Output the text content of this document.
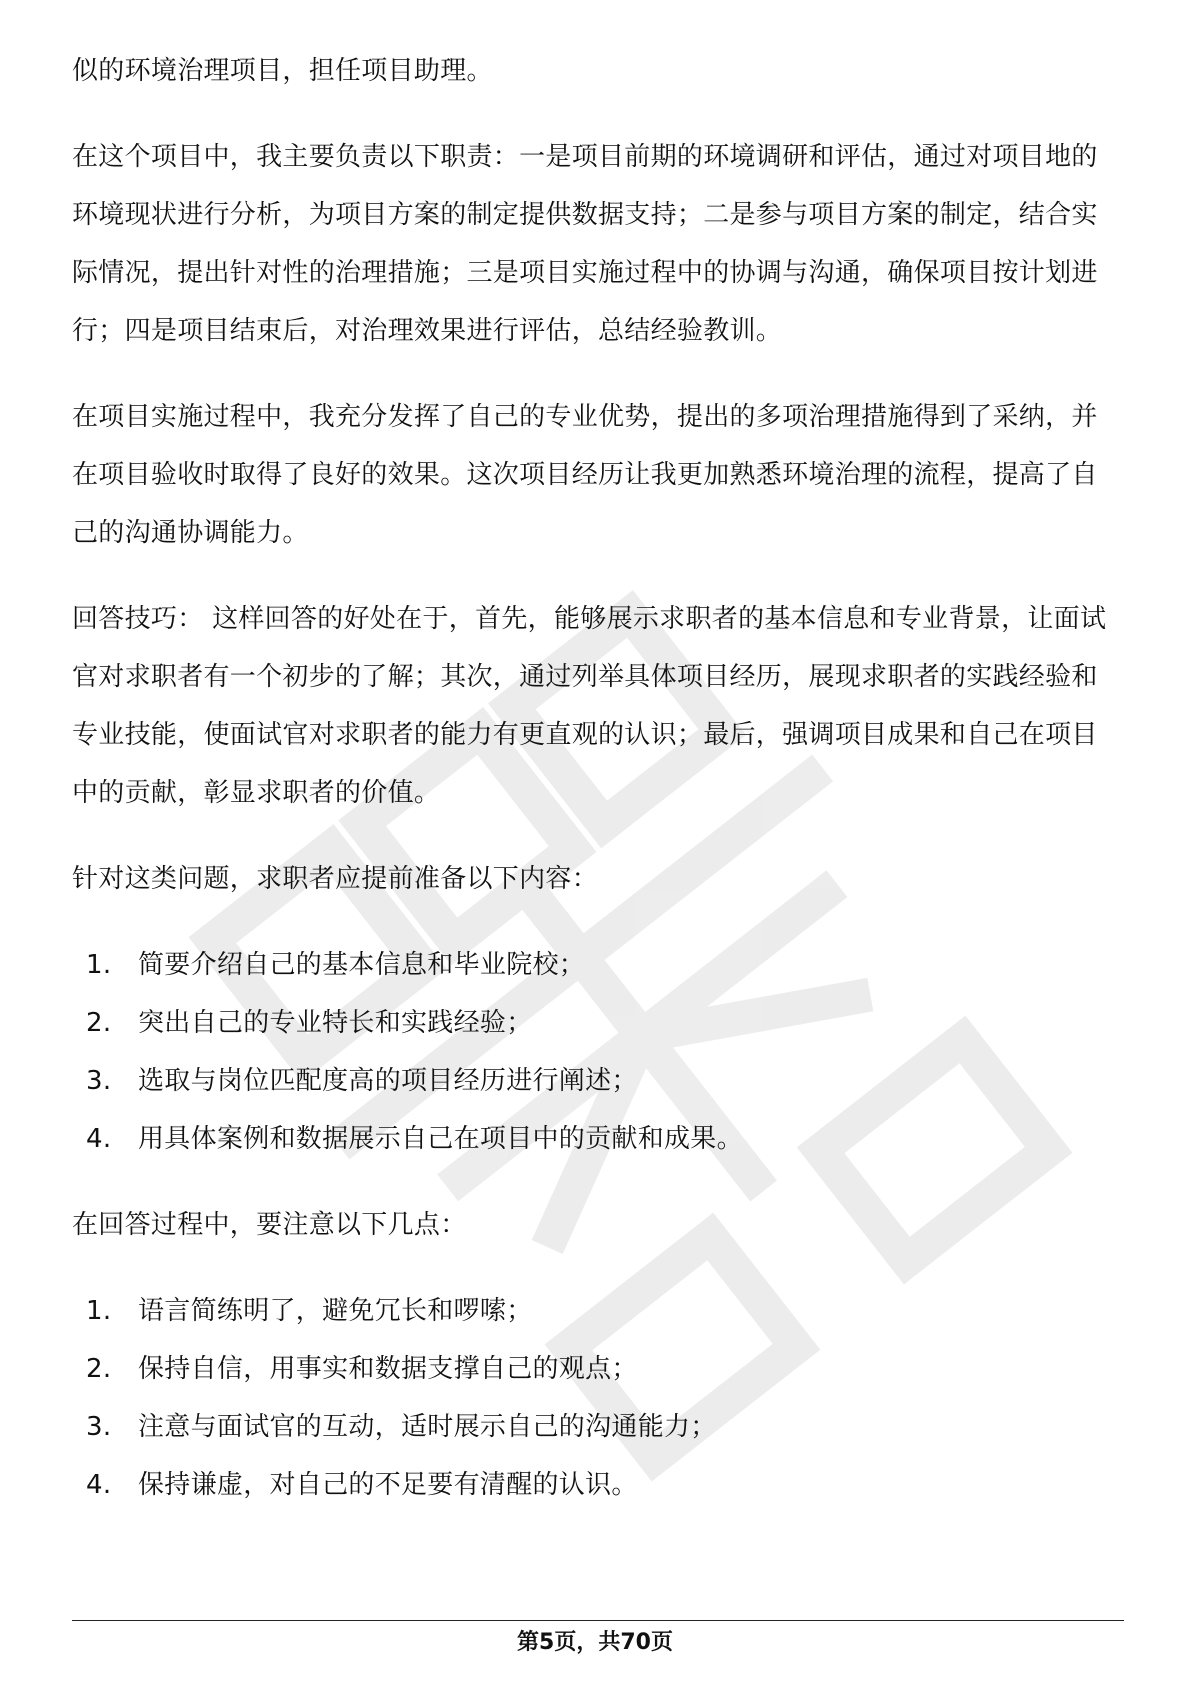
似的环境治理项目，担任项目助理。

在这个项目中，我主要负责以下职责：一是项目前期的环境调研和评估，通过对项目地的环境现状进行分析，为项目方案的制定提供数据支持；二是参与项目方案的制定，结合实际情况，提出针对性的治理措施；三是项目实施过程中的协调与沟通，确保项目按计划进行；四是项目结束后，对治理效果进行评估，总结经验教训。

在项目实施过程中，我充分发挥了自己的专业优势，提出的多项治理措施得到了采纳，并在项目验收时取得了良好的效果。这次项目经历让我更加熟悉环境治理的流程，提高了自己的沟通协调能力。

回答技巧： 这样回答的好处在于，首先，能够展示求职者的基本信息和专业背景，让面试官对求职者有一个初步的了解；其次，通过列举具体项目经历，展现求职者的实践经验和专业技能，使面试官对求职者的能力有更直观的认识；最后，强调项目成果和自己在项目中的贡献，彰显求职者的价值。

针对这类问题，求职者应提前准备以下内容：

1.	简要介绍自己的基本信息和毕业院校；
2.	突出自己的专业特长和实践经验；
3.	选取与岗位匹配度高的项目经历进行阐述；
4.	用具体案例和数据展示自己在项目中的贡献和成果。

在回答过程中，要注意以下几点：

1.	语言简练明了，避免冗长和啰嗦；
2.	保持自信，用事实和数据支撑自己的观点；
3.	注意与面试官的互动，适时展示自己的沟通能力；
4.	保持谦虚，对自己的不足要有清醒的认识。
第5页，共70页
